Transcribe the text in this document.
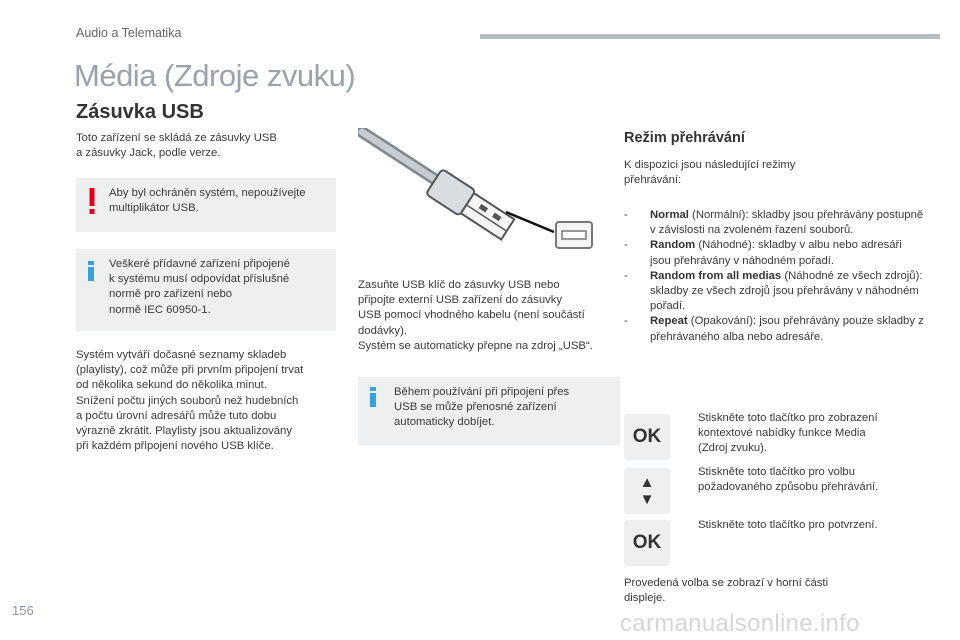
Audio a Telematika
Média (Zdroje zvuku)
Zásuvka USB
Toto zařízení se skládá ze zásuvky USB
a zásuvky Jack, podle verze.
Aby byl ochráněn systém, nepoužívejte
multiplikátor USB.
Veškeré přídavné zařízení připojené
k systému musí odpovídat příslušné
normě pro zařízení nebo
normě IEC 60950-1.
Systém vytváří dočasné seznamy skladeb
(playlisty), což může při prvním připojení trvat
od několika sekund do několika minut.
Snížení počtu jiných souborů než hudebních
a počtu úrovní adresářů může tuto dobu
výrazně zkrátit. Playlisty jsou aktualizovány
při každém připojení nového USB klíče.
Zasuňte USB klíč do zásuvky USB nebo
připojte externí USB zařízení do zásuvky
USB pomocí vhodného kabelu (není součástí
dodávky).
Systém se automaticky přepne na zdroj „USB“.
Během používání při připojení přes
USB se může přenosné zařízení
automaticky dobíjet.
Režim přehrávání
K dispozici jsou následující režimy
přehrávání:
- Normal (Normální): skladby jsou přehrávány postupně v závislosti na zvoleném řazení souborů.
- Random (Náhodné): skladby v albu nebo adresáři jsou přehrávány v náhodném pořadí.
- Random from all medias (Náhodné ze všech zdrojů): skladby ze všech zdrojů jsou přehrávány v náhodném pořadí.
- Repeat (Opakování): jsou přehrávány pouze skladby z přehrávaného alba nebo adresáře.
OK
Stiskněte toto tlačítko pro zobrazení
kontextové nabídky funkce Media
(Zdroj zvuku).
▲
▼
Stiskněte toto tlačítko pro volbu
požadovaného způsobu přehrávání.
OK
Stiskněte toto tlačítko pro potvrzení.
Provedená volba se zobrazí v horní části
displeje.
carmanualsonline.info
156
